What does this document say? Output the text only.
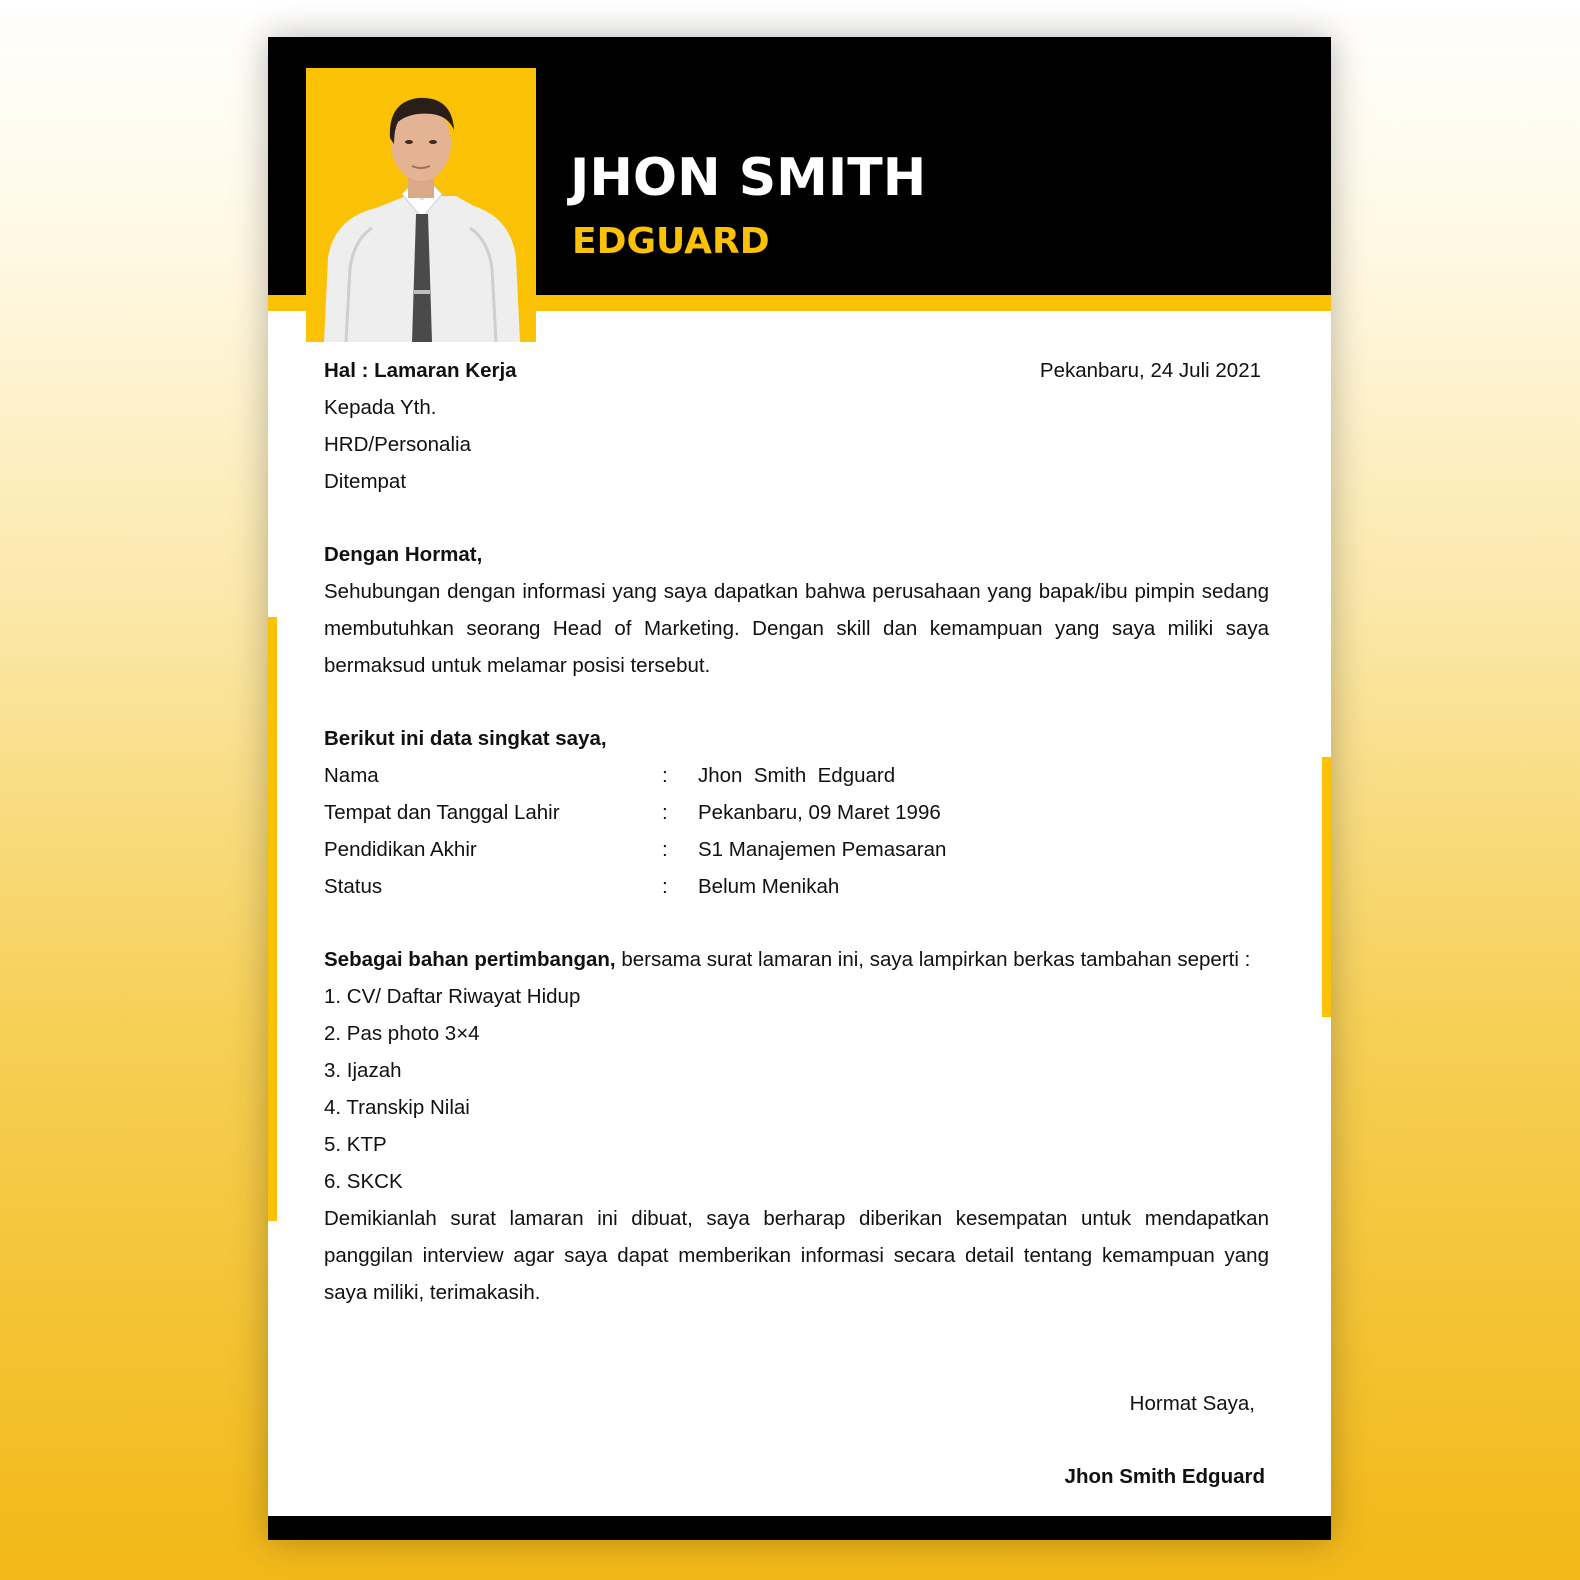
JHON SMITH
EDGUARD

Pekanbaru, 24 Juli 2021

Hal : Lamaran Kerja

Kepada Yth.

HRD/Personalia

Ditempat

Dengan Hormat,

Sehubungan dengan informasi yang saya dapatkan bahwa perusahaan yang bapak/ibu pimpin sedang membutuhkan seorang Head of Marketing. Dengan skill dan kemampuan yang saya miliki saya bermaksud untuk melamar posisi tersebut.

Berikut ini data singkat saya,

Nama	:	Jhon  Smith  Edguard
Tempat dan Tanggal Lahir	:	Pekanbaru, 09 Maret 1996
Pendidikan Akhir	:	S1 Manajemen Pemasaran
Status	:	Belum Menikah

Sebagai bahan pertimbangan, bersama surat lamaran ini, saya lampirkan berkas tambahan seperti :

1. CV/ Daftar Riwayat Hidup

2. Pas photo 3×4

3. Ijazah

4. Transkip Nilai

5. KTP

6. SKCK

Demikianlah surat lamaran ini dibuat, saya berharap diberikan kesempatan untuk mendapatkan panggilan interview agar saya dapat memberikan informasi secara detail tentang kemampuan yang saya miliki, terimakasih.

Hormat Saya,

Jhon Smith Edguard
